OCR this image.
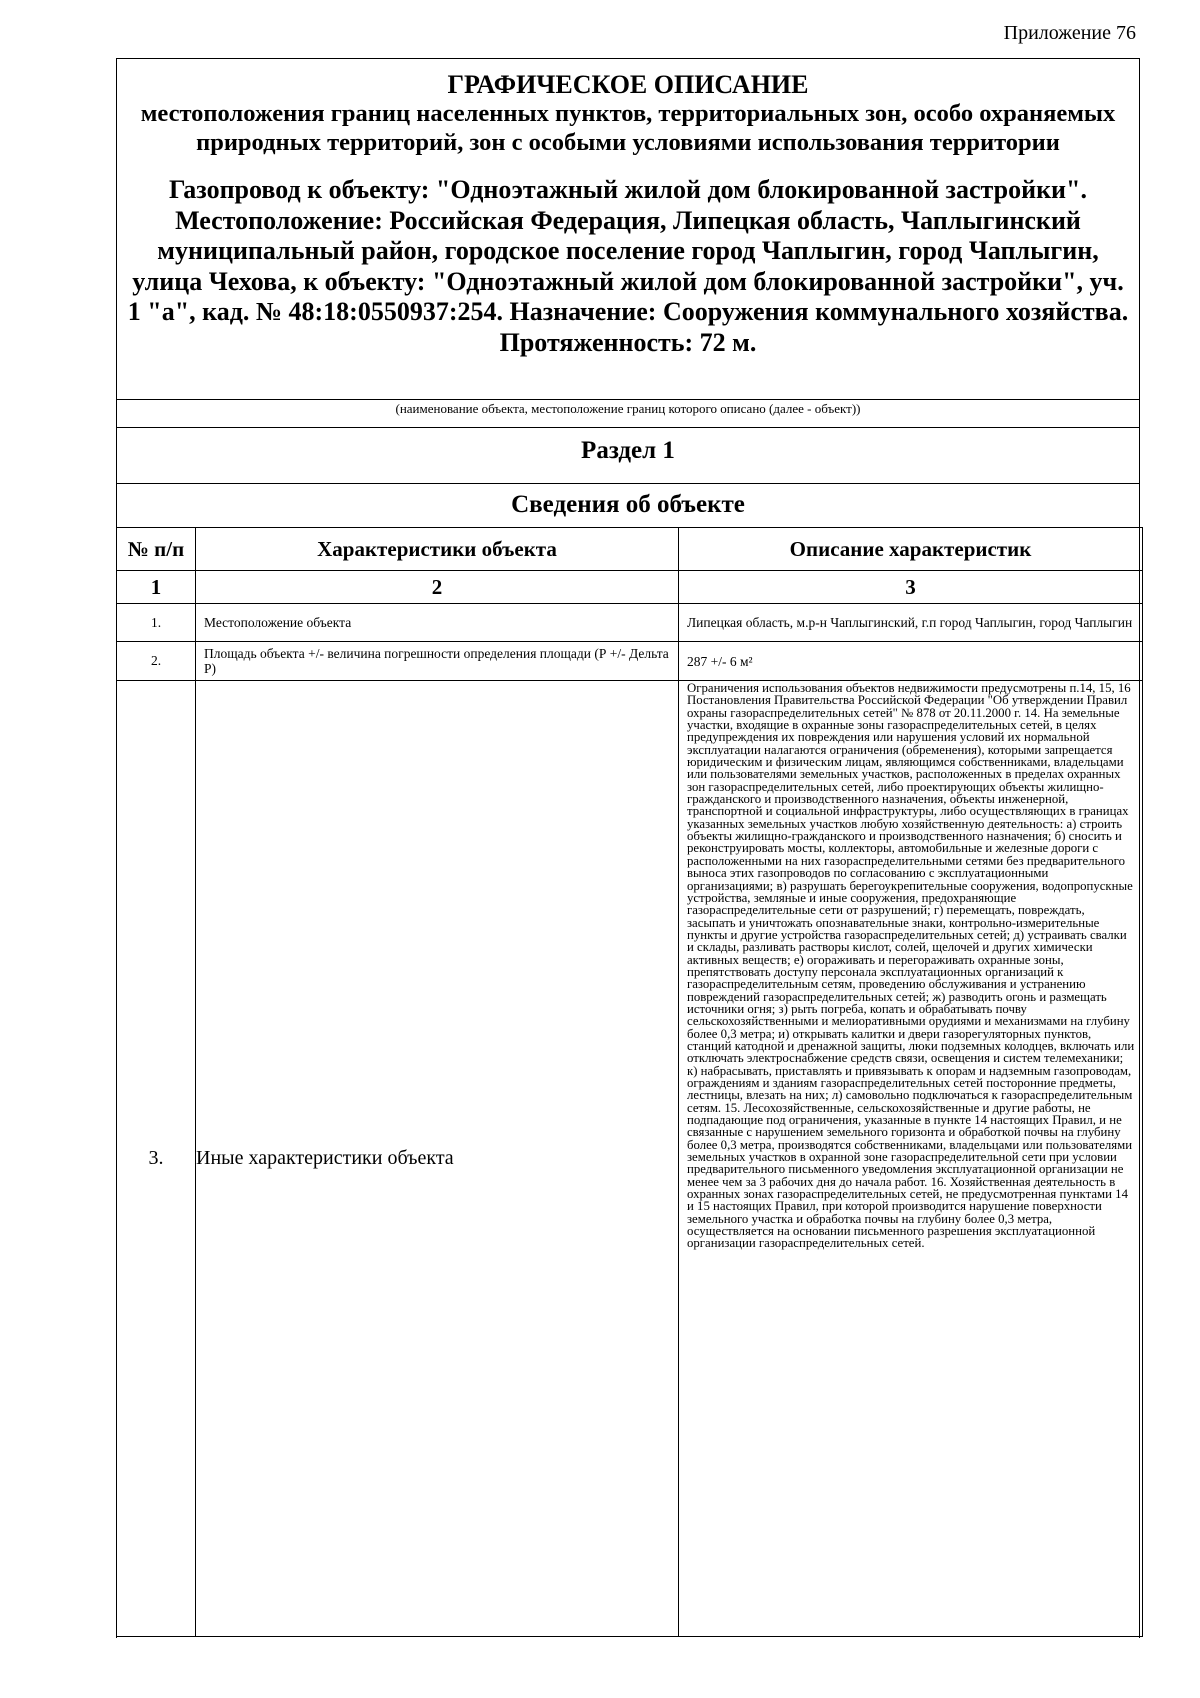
Приложение 76
ГРАФИЧЕСКОЕ ОПИСАНИЕ
местоположения границ населенных пунктов, территориальных зон, особо охраняемых природных территорий, зон с особыми условиями использования территории
Газопровод к объекту: "Одноэтажный жилой дом блокированной застройки". Местоположение: Российская Федерация, Липецкая область, Чаплыгинский муниципальный район, городское поселение город Чаплыгин, город Чаплыгин, улица Чехова, к объекту: "Одноэтажный жилой дом блокированной застройки", уч. 1 "а", кад. № 48:18:0550937:254. Назначение: Сооружения коммунального хозяйства. Протяженность: 72 м.
(наименование объекта, местоположение границ которого описано (далее - объект))
Раздел 1
Сведения об объекте
№ п/п	Характеристики объекта	Описание характеристик
1	2	3
1.	Местоположение объекта	Липецкая область, м.р-н Чаплыгинский, г.п город Чаплыгин, город Чаплыгин
2.	Площадь объекта +/- величина погрешности определения площади (Р +/- Дельта Р)	287 +/- 6 м²
3.	Иные характеристики объекта	Ограничения использования объектов недвижимости предусмотрены п.14, 15, 16 Постановления Правительства Российской Федерации "Об утверждении Правил охраны газораспределительных сетей" № 878 от 20.11.2000 г. 14. На земельные участки, входящие в охранные зоны газораспределительных сетей, в целях предупреждения их повреждения или нарушения условий их нормальной эксплуатации налагаются ограничения (обременения), которыми запрещается юридическим и физическим лицам, являющимся собственниками, владельцами или пользователями земельных участков, расположенных в пределах охранных зон газораспределительных сетей, либо проектирующих объекты жилищно-гражданского и производственного назначения, объекты инженерной, транспортной и социальной инфраструктуры, либо осуществляющих в границах указанных земельных участков любую хозяйственную деятельность: а) строить объекты жилищно-гражданского и производственного назначения; б) сносить и реконструировать мосты, коллекторы, автомобильные и железные дороги с расположенными на них газораспределительными сетями без предварительного выноса этих газопроводов по согласованию с эксплуатационными организациями; в) разрушать берегоукрепительные сооружения, водопропускные устройства, земляные и иные сооружения, предохраняющие газораспределительные сети от разрушений; г) перемещать, повреждать, засыпать и уничтожать опознавательные знаки, контрольно-измерительные пункты и другие устройства газораспределительных сетей; д) устраивать свалки и склады, разливать растворы кислот, солей, щелочей и других химически активных веществ; е) огораживать и перегораживать охранные зоны, препятствовать доступу персонала эксплуатационных организаций к газораспределительным сетям, проведению обслуживания и устранению повреждений газораспределительных сетей; ж) разводить огонь и размещать источники огня; з) рыть погреба, копать и обрабатывать почву сельскохозяйственными и мелиоративными орудиями и механизмами на глубину более 0,3 метра; и) открывать калитки и двери газорегуляторных пунктов, станций катодной и дренажной защиты, люки подземных колодцев, включать или отключать электроснабжение средств связи, освещения и систем телемеханики; к) набрасывать, приставлять и привязывать к опорам и надземным газопроводам, ограждениям и зданиям газораспределительных сетей посторонние предметы, лестницы, влезать на них; л) самовольно подключаться к газораспределительным сетям. 15. Лесохозяйственные, сельскохозяйственные и другие работы, не подпадающие под ограничения, указанные в пункте 14 настоящих Правил, и не связанные с нарушением земельного горизонта и обработкой почвы на глубину более 0,3 метра, производятся собственниками, владельцами или пользователями земельных участков в охранной зоне газораспределительной сети при условии предварительного письменного уведомления эксплуатационной организации не менее чем за 3 рабочих дня до начала работ. 16. Хозяйственная деятельность в охранных зонах газораспределительных сетей, не предусмотренная пунктами 14 и 15 настоящих Правил, при которой производится нарушение поверхности земельного участка и обработка почвы на глубину более 0,3 метра, осуществляется на основании письменного разрешения эксплуатационной организации газораспределительных сетей.
